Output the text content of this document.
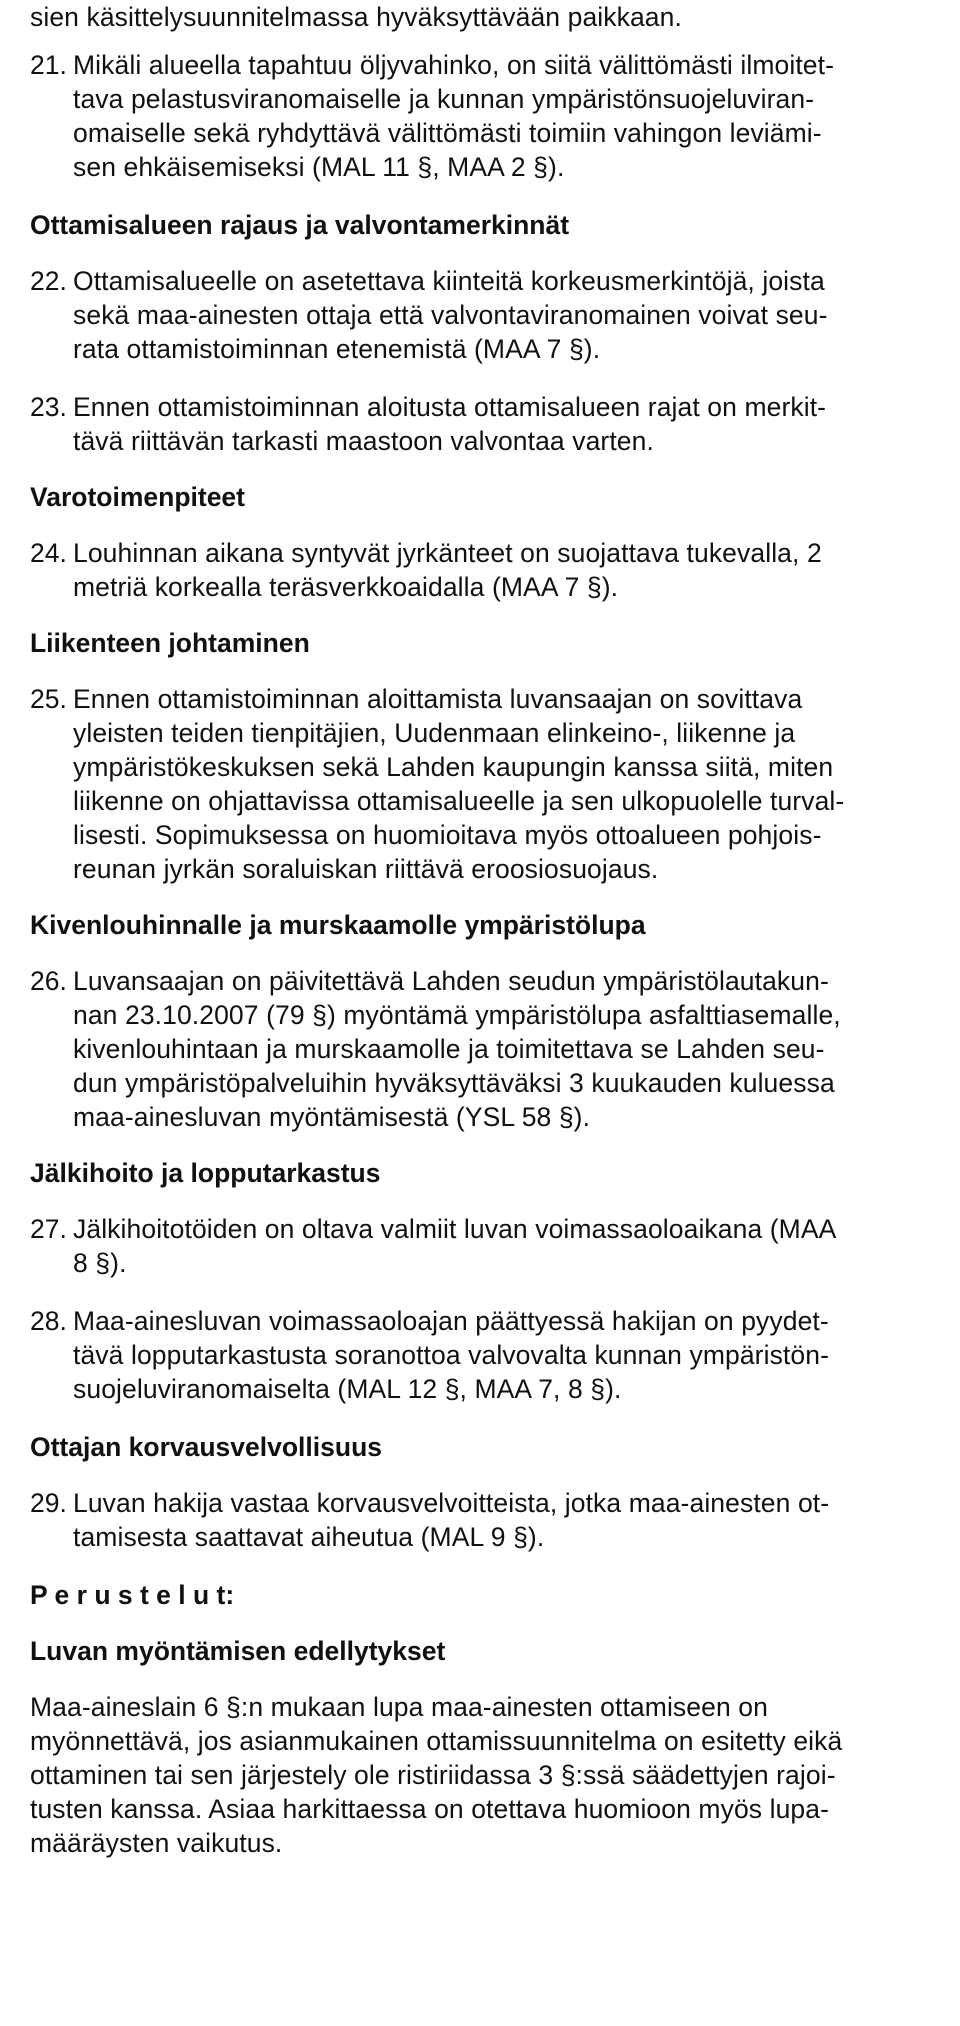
sien käsittelysuunnitelmassa hyväksyttävään paikkaan.
21. Mikäli alueella tapahtuu öljyvahinko, on siitä välittömästi ilmoitet-
tava pelastusviranomaiselle ja kunnan ympäristönsuojeluviran-
omaiselle sekä ryhdyttävä välittömästi toimiin vahingon leviämi-
sen ehkäisemiseksi (MAL 11 §, MAA 2 §).
Ottamisalueen rajaus ja valvontamerkinnät
22. Ottamisalueelle on asetettava kiinteitä korkeusmerkintöjä, joista
sekä maa-ainesten ottaja että valvontaviranomainen voivat seu-
rata ottamistoiminnan etenemistä (MAA 7 §).
23. Ennen ottamistoiminnan aloitusta ottamisalueen rajat on merkit-
tävä riittävän tarkasti maastoon valvontaa varten.
Varotoimenpiteet
24. Louhinnan aikana syntyvät jyrkänteet on suojattava tukevalla, 2
metriä korkealla teräsverkkoaidalla (MAA 7 §).
Liikenteen johtaminen
25. Ennen ottamistoiminnan aloittamista luvansaajan on sovittava
yleisten teiden tienpitäjien, Uudenmaan elinkeino-, liikenne ja
ympäristökeskuksen sekä Lahden kaupungin kanssa siitä, miten
liikenne on ohjattavissa ottamisalueelle ja sen ulkopuolelle turval-
lisesti. Sopimuksessa on huomioitava myös ottoalueen pohjois-
reunan jyrkän soraluiskan riittävä eroosiosuojaus.
Kivenlouhinnalle ja murskaamolle ympäristölupa
26. Luvansaajan on päivitettävä Lahden seudun ympäristölautakun-
nan 23.10.2007 (79 §) myöntämä ympäristölupa asfalttiasemalle,
kivenlouhintaan ja murskaamolle ja toimitettava se Lahden seu-
dun ympäristöpalveluihin hyväksyttäväksi 3 kuukauden kuluessa
maa-ainesluvan myöntämisestä (YSL 58 §).
Jälkihoito ja lopputarkastus
27. Jälkihoitotöiden on oltava valmiit luvan voimassaoloaikana (MAA
8 §).
28. Maa-ainesluvan voimassaoloajan päättyessä hakijan on pyydet-
tävä lopputarkastusta soranottoa valvovalta kunnan ympäristön-
suojeluviranomaiselta (MAL 12 §, MAA 7, 8 §).
Ottajan korvausvelvollisuus
29. Luvan hakija vastaa korvausvelvoitteista, jotka maa-ainesten ot-
tamisesta saattavat aiheutua (MAL 9 §).
P e r u s t e l u t:
Luvan myöntämisen edellytykset
Maa-aineslain 6 §:n mukaan lupa maa-ainesten ottamiseen on
myönnettävä, jos asianmukainen ottamissuunnitelma on esitetty eikä
ottaminen tai sen järjestely ole ristiriidassa 3 §:ssä säädettyjen rajoi-
tusten kanssa. Asiaa harkittaessa on otettava huomioon myös lupa-
määräysten vaikutus.
